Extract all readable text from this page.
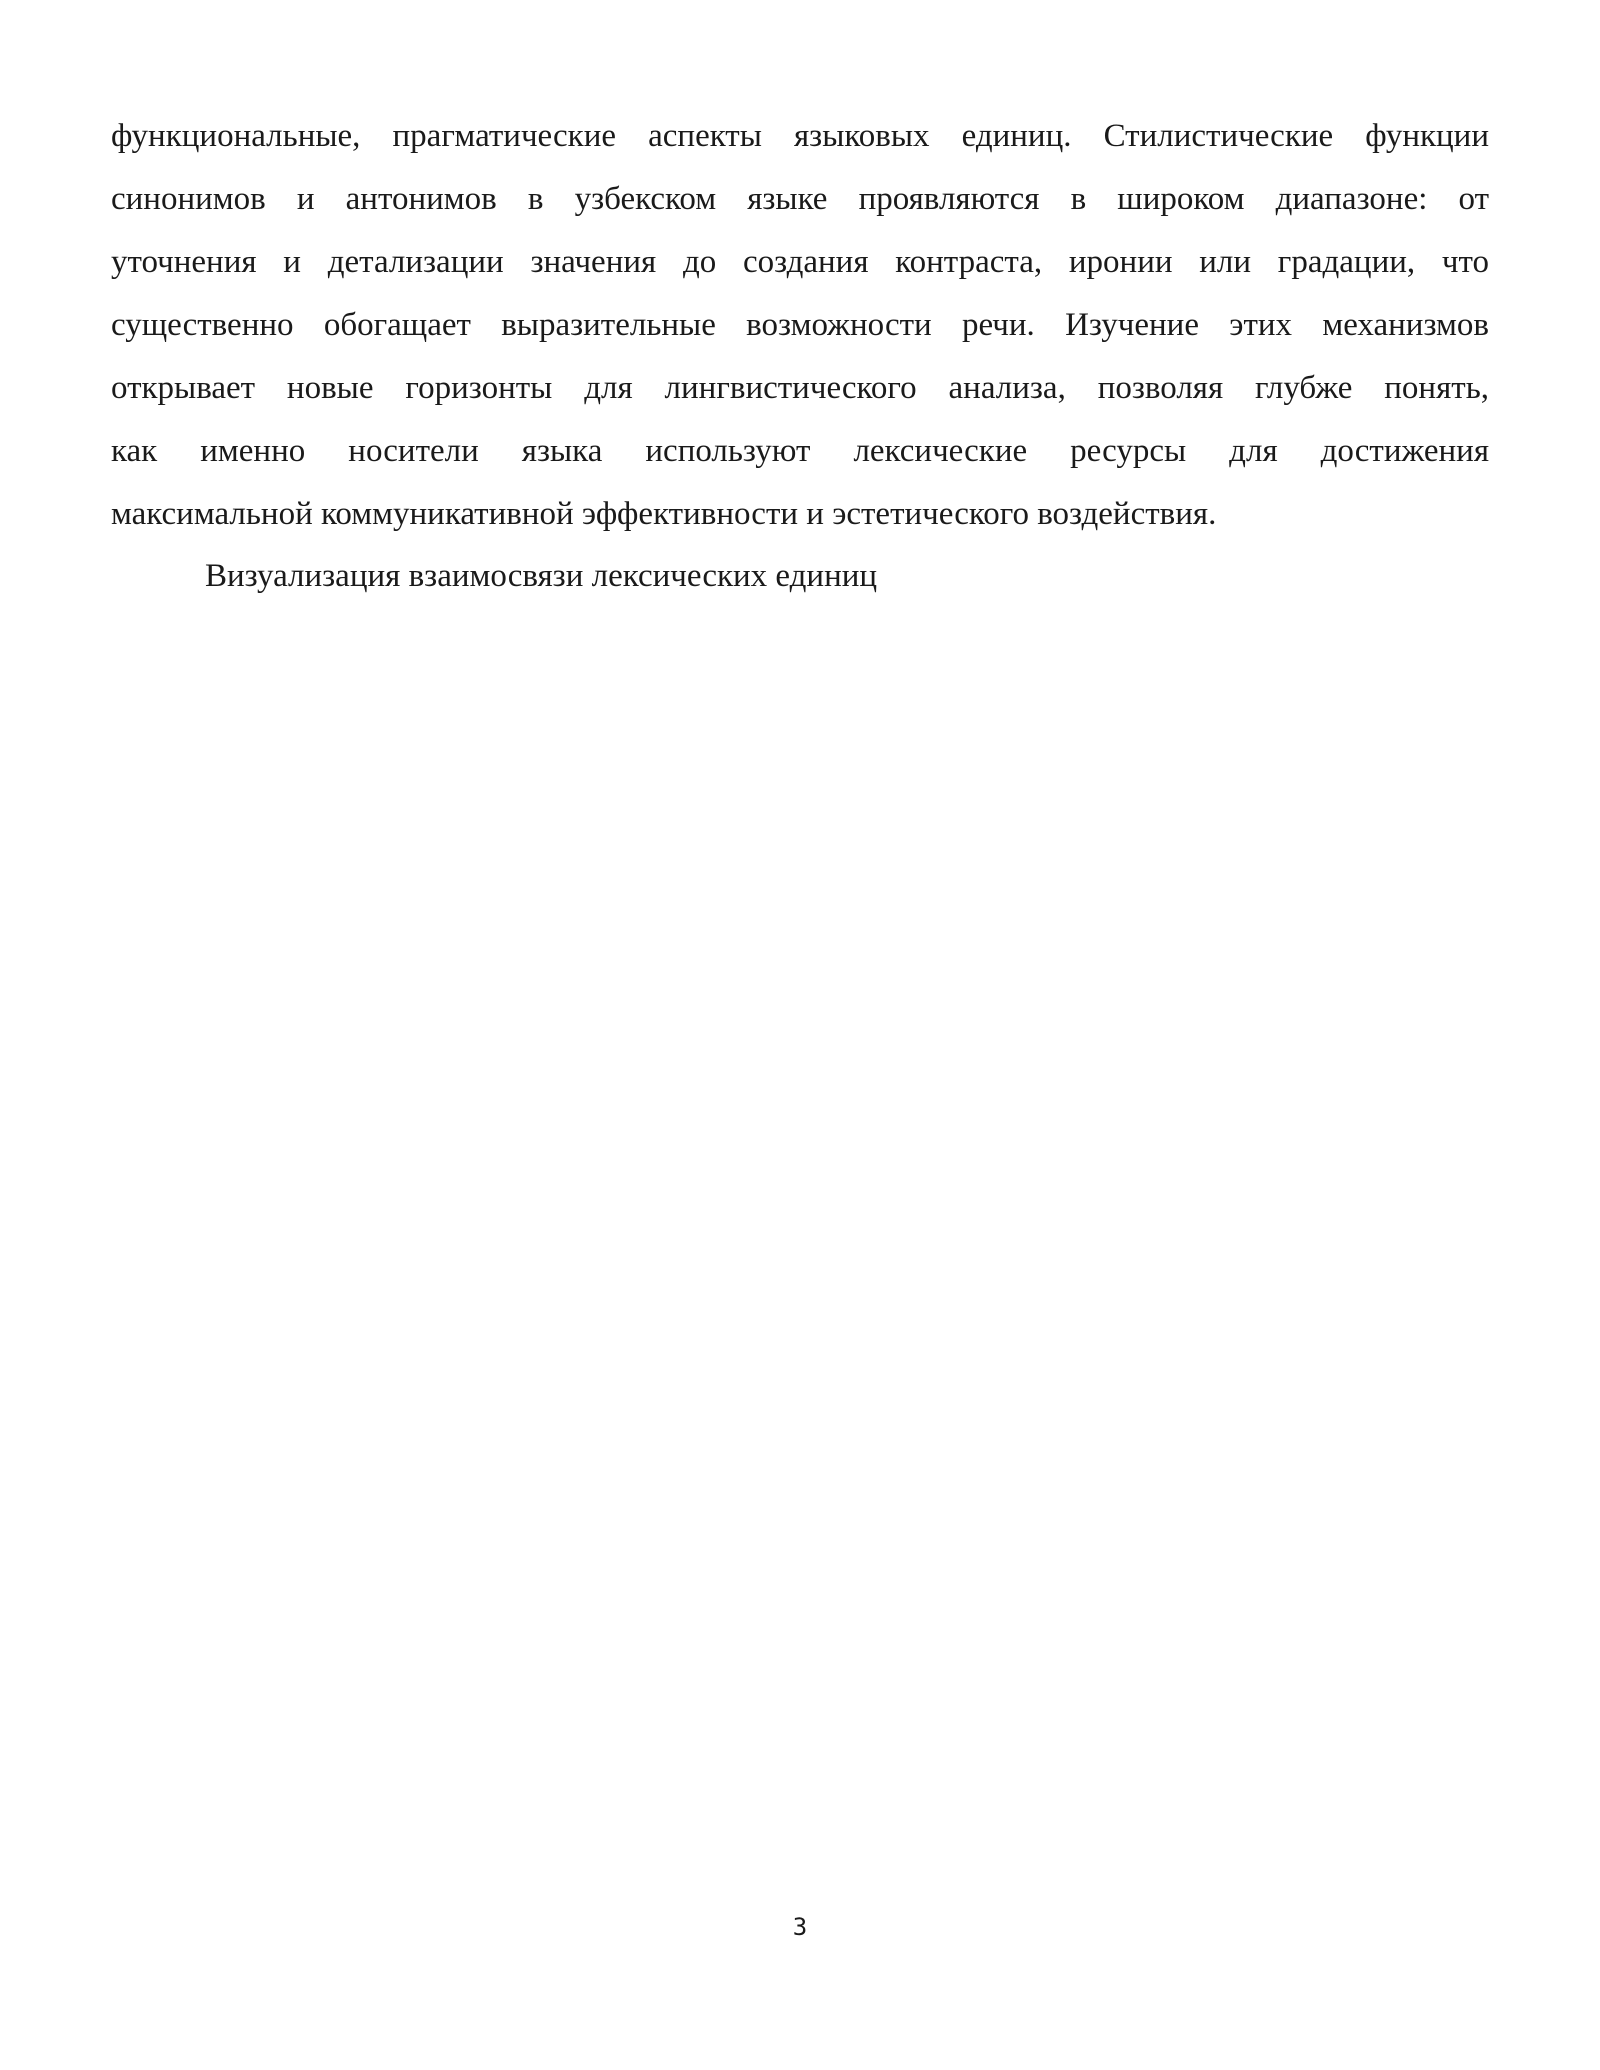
функциональные, прагматические аспекты языковых единиц. Стилистические функции
синонимов и антонимов в узбекском языке проявляются в широком диапазоне: от
уточнения и детализации значения до создания контраста, иронии или градации, что
существенно обогащает выразительные возможности речи. Изучение этих механизмов
открывает новые горизонты для лингвистического анализа, позволяя глубже понять,
как именно носители языка используют лексические ресурсы для достижения
максимальной коммуникативной эффективности и эстетического воздействия.

Визуализация взаимосвязи лексических единиц

3
